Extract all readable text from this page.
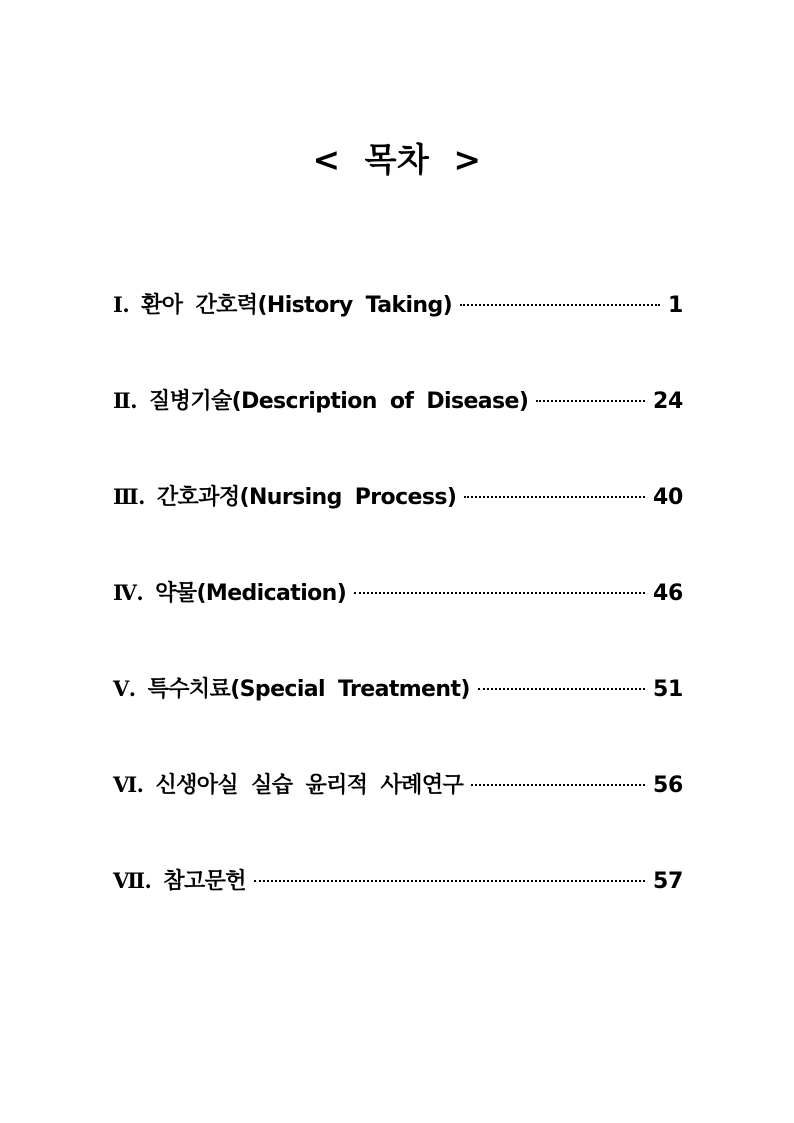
<  목차  >
Ⅰ. 환아 간호력(History Taking)	1
Ⅱ. 질병기술(Description of Disease)	24
Ⅲ. 간호과정(Nursing Process)	40
Ⅳ. 약물(Medication)	46
Ⅴ. 특수치료(Special Treatment)	51
Ⅵ. 신생아실 실습 윤리적 사례연구	56
Ⅶ. 참고문헌	57
